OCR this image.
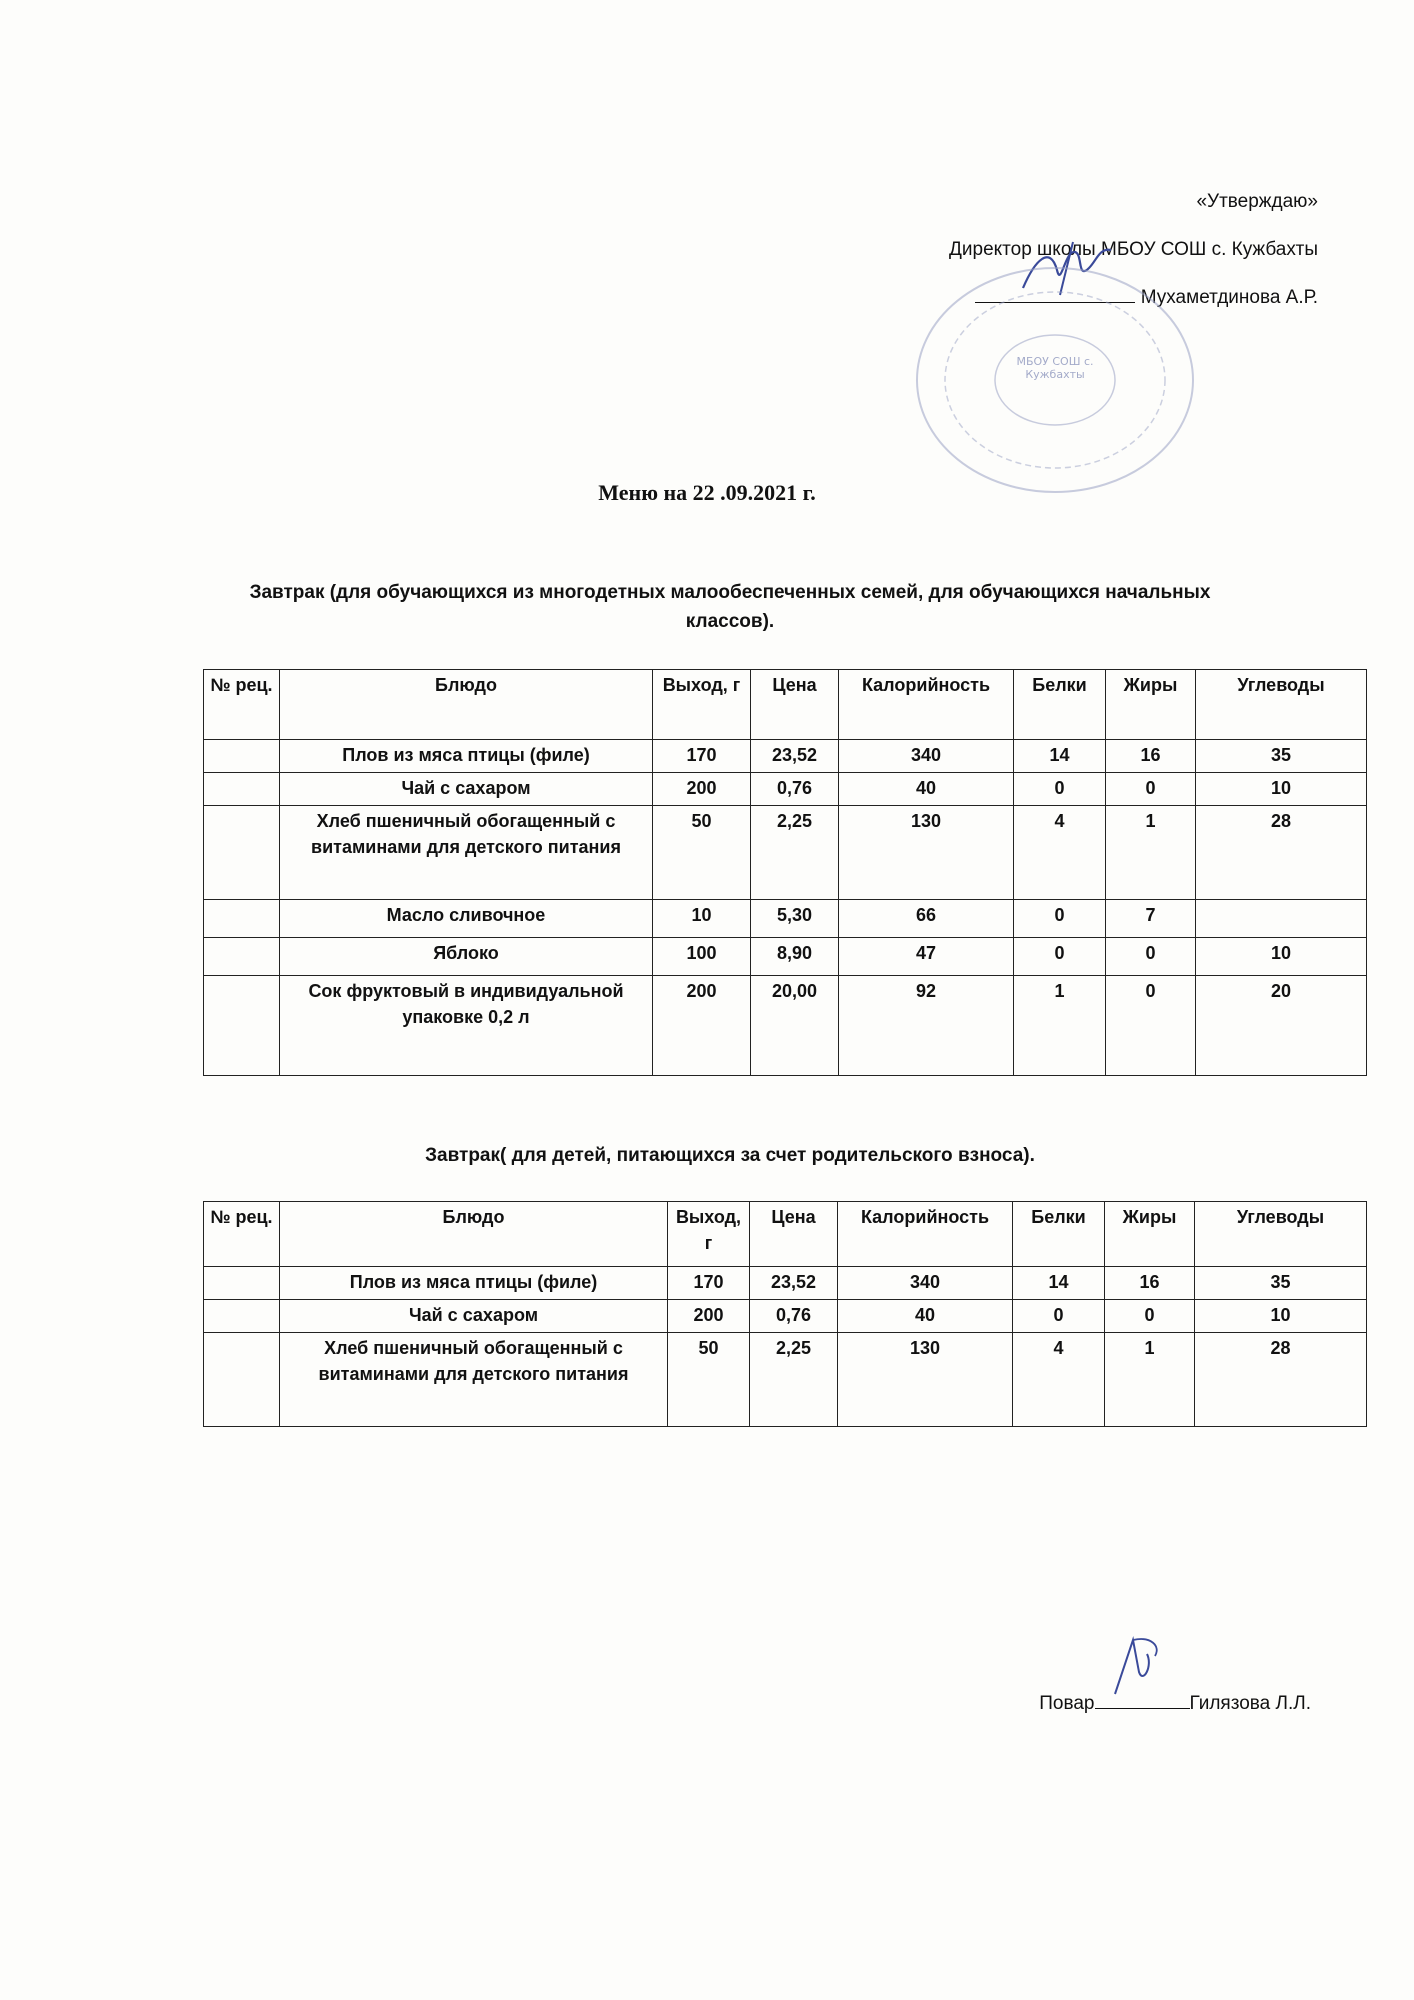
«Утверждаю»
Директор школы МБОУ СОШ с. Кужбахты
Мухаметдинова А.Р.
МБОУ СОШ с. Кужбахты
Меню на 22 .09.2021 г.
Завтрак (для обучающихся из многодетных малообеспеченных семей, для обучающихся начальных классов).
№ рец.	Блюдо	Выход, г	Цена	Калорийность	Белки	Жиры	Углеводы
	Плов из мяса птицы (филе)	170	23,52	340	14	16	35
	Чай с сахаром	200	0,76	40	0	0	10
	Хлеб пшеничный обогащенный с витаминами для детского питания	50	2,25	130	4	1	28
	Масло сливочное	10	5,30	66	0	7	
	Яблоко	100	8,90	47	0	0	10
	Сок фруктовый в индивидуальной упаковке 0,2 л	200	20,00	92	1	0	20
Завтрак( для детей, питающихся за счет родительского взноса).
№ рец.	Блюдо	Выход, г	Цена	Калорийность	Белки	Жиры	Углеводы
	Плов из мяса птицы (филе)	170	23,52	340	14	16	35
	Чай с сахаром	200	0,76	40	0	0	10
	Хлеб пшеничный обогащенный с витаминами для детского питания	50	2,25	130	4	1	28
Повар	Гилязова Л.Л.
